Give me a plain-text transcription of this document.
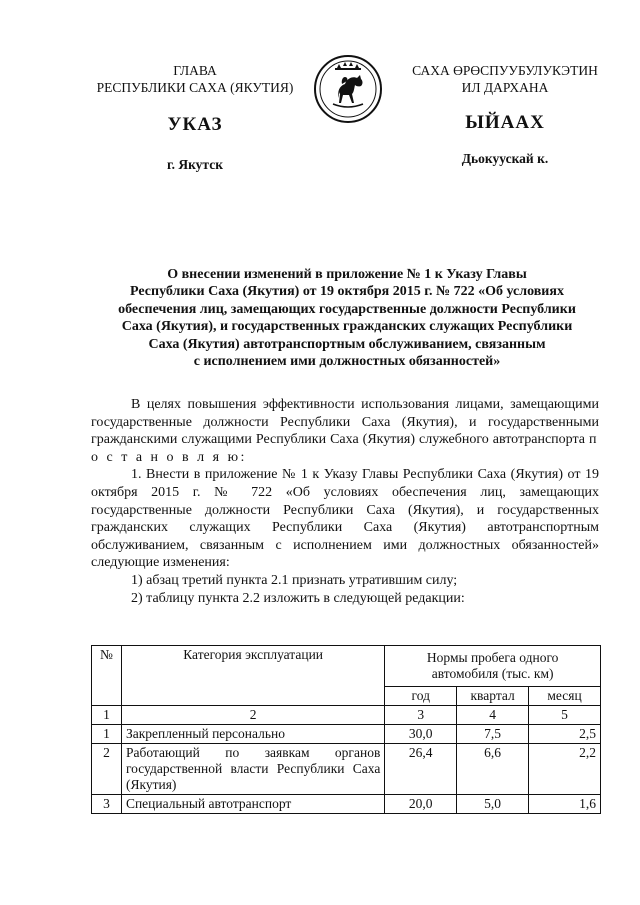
ГЛАВА
РЕСПУБЛИКИ САХА (ЯКУТИЯ)
САХА ӨРӨСПУУБУЛУКЭТИН
ИЛ ДАРХАНА
УКАЗ	ЫЙААХ
г. Якутск	Дьокуускай к.
О внесении изменений в приложение № 1 к Указу Главы
Республики Саха (Якутия) от 19 октября 2015 г. № 722 «Об условиях
обеспечения лиц, замещающих государственные должности Республики
Саха (Якутия), и государственных гражданских служащих Республики
Саха (Якутия) автотранспортным обслуживанием, связанным
с исполнением ими должностных обязанностей»

В целях повышения эффективности использования лицами, замещающими государственные должности Республики Саха (Якутия), и государственными гражданскими служащими Республики Саха (Якутия) служебного автотранспорта п о с т а н о в л я ю:

1. Внести в приложение № 1 к Указу Главы Республики Саха (Якутия) от 19 октября 2015 г. № 722 «Об условиях обеспечения лиц, замещающих государственные должности Республики Саха (Якутия), и государственных гражданских служащих Республики Саха (Якутия) автотранспортным обслуживанием, связанным с исполнением ими должностных обязанностей» следующие изменения:

1) абзац третий пункта 2.1 признать утратившим силу;

2) таблицу пункта 2.2 изложить в следующей редакции:

№	Категория эксплуатации	Нормы пробега одного автомобиля (тыс. км)		
		год	квартал	месяц
1	2	3	4	5
1	Закрепленный персонально	30,0	7,5	2,5
2	Работающий по заявкам органов государственной власти Республики Саха (Якутия)	26,4	6,6	2,2
3	Специальный автотранспорт	20,0	5,0	1,6
